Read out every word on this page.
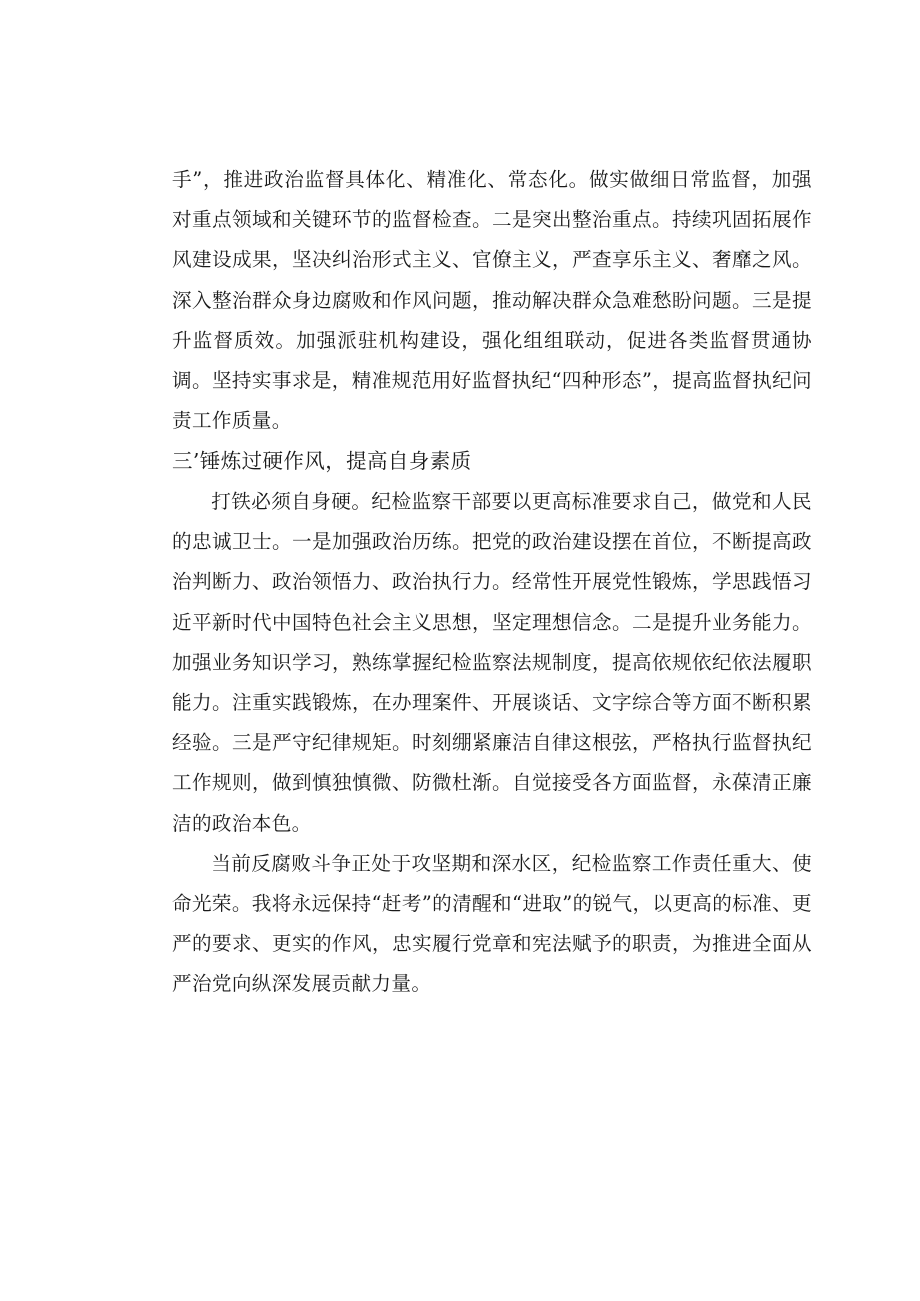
手”，推进政治监督具体化、精准化、常态化。做实做细日常监督，加强对重点领域和关键环节的监督检查。二是突出整治重点。持续巩固拓展作风建设成果，坚决纠治形式主义、官僚主义，严查享乐主义、奢靡之风。深入整治群众身边腐败和作风问题，推动解决群众急难愁盼问题。三是提升监督质效。加强派驻机构建设，强化组组联动，促进各类监督贯通协调。坚持实事求是，精准规范用好监督执纪“四种形态”，提高监督执纪问责工作质量。

三’锤炼过硬作风，提高自身素质

打铁必须自身硬。纪检监察干部要以更高标准要求自己，做党和人民的忠诚卫士。一是加强政治历练。把党的政治建设摆在首位，不断提高政治判断力、政治领悟力、政治执行力。经常性开展党性锻炼，学思践悟习近平新时代中国特色社会主义思想，坚定理想信念。二是提升业务能力。加强业务知识学习，熟练掌握纪检监察法规制度，提高依规依纪依法履职能力。注重实践锻炼，在办理案件、开展谈话、文字综合等方面不断积累经验。三是严守纪律规矩。时刻绷紧廉洁自律这根弦，严格执行监督执纪工作规则，做到慎独慎微、防微杜渐。自觉接受各方面监督，永葆清正廉洁的政治本色。

当前反腐败斗争正处于攻坚期和深水区，纪检监察工作责任重大、使命光荣。我将永远保持“赶考”的清醒和“进取”的锐气，以更高的标准、更严的要求、更实的作风，忠实履行党章和宪法赋予的职责，为推进全面从严治党向纵深发展贡献力量。
